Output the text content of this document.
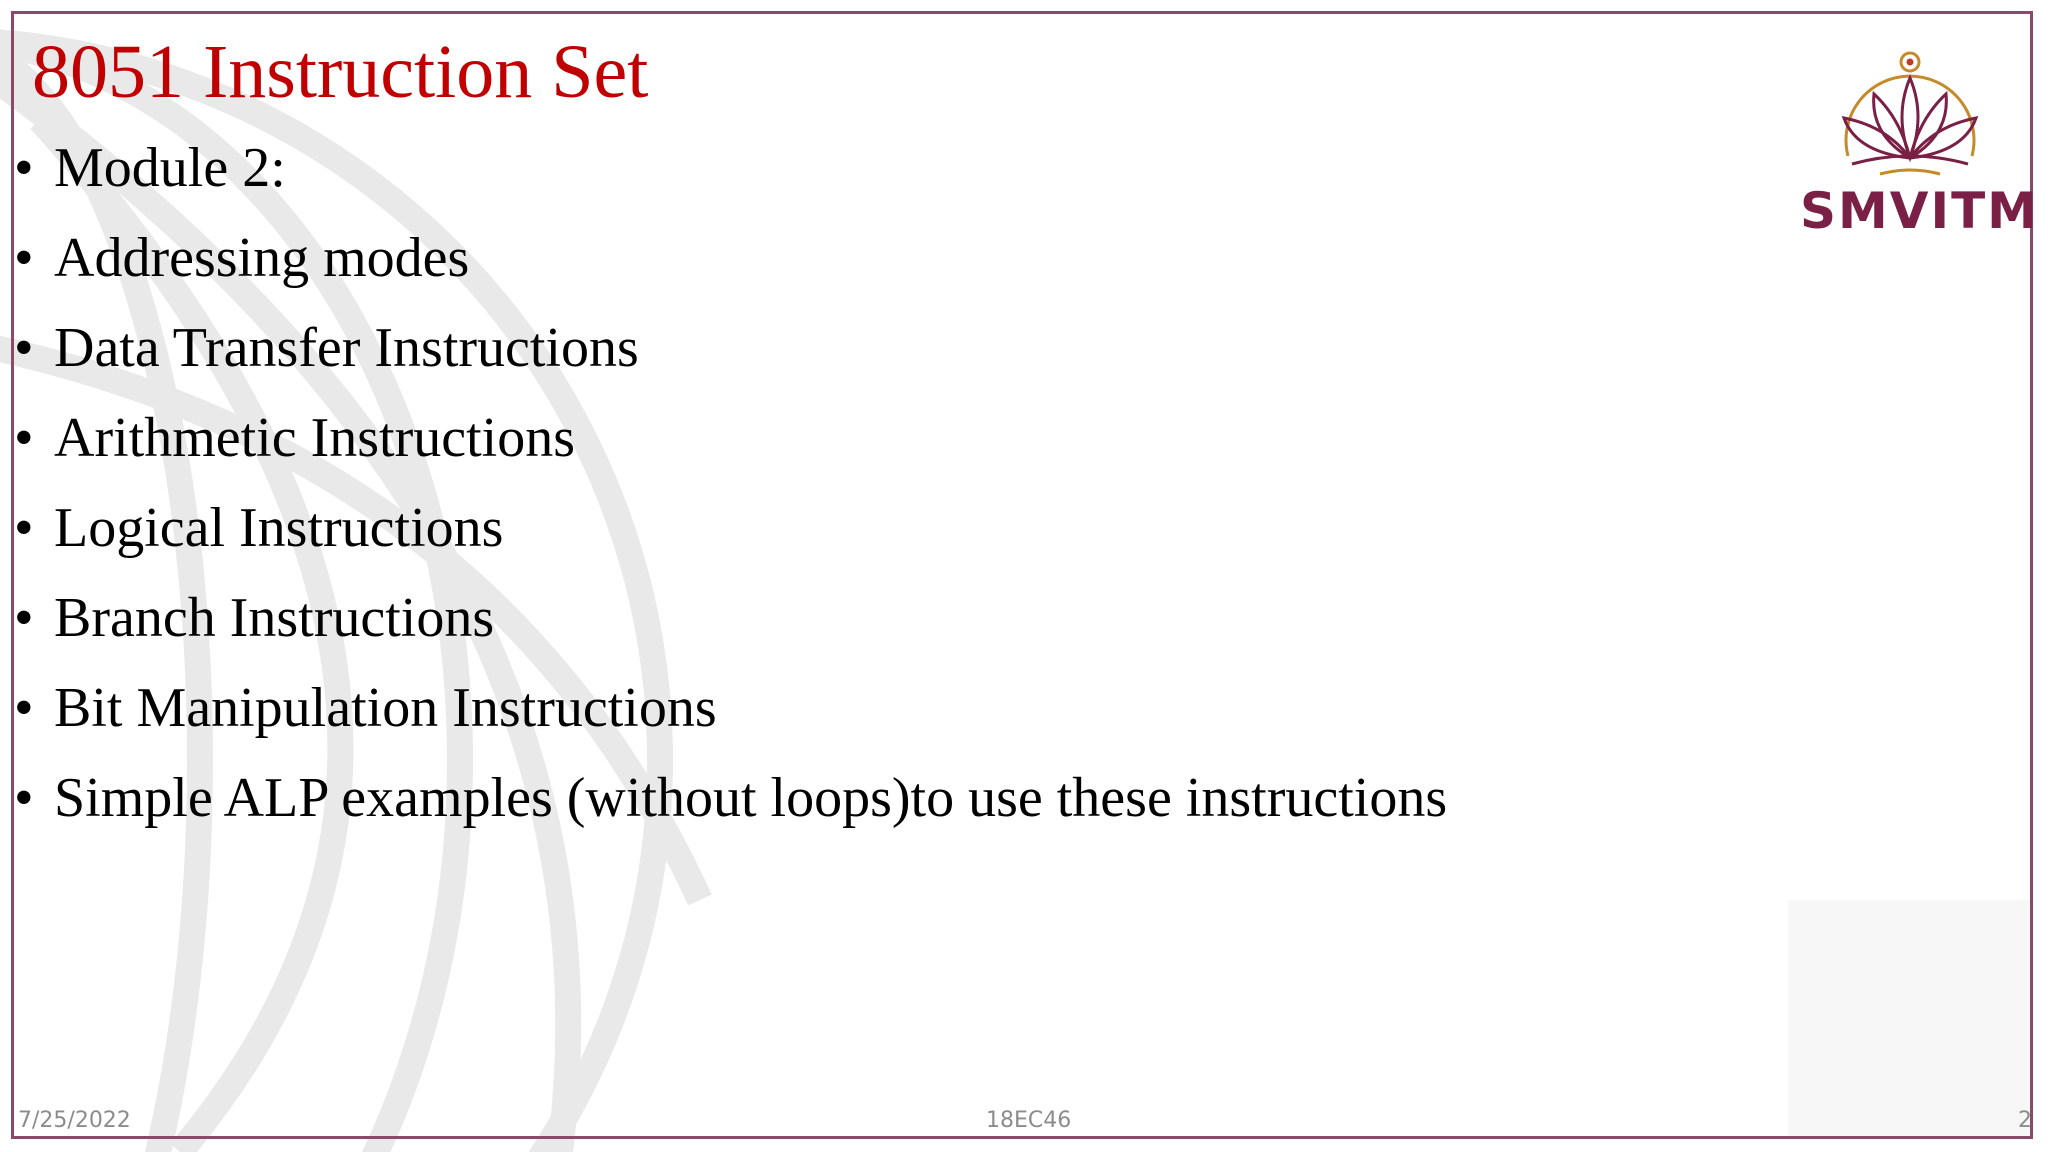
8051 Instruction Set
• Module 2:
• Addressing modes
• Data Transfer Instructions
• Arithmetic Instructions
• Logical Instructions
• Branch Instructions
• Bit Manipulation Instructions
• Simple ALP examples (without loops)to use these instructions
SMVITM
7/25/2022	18EC46	2
